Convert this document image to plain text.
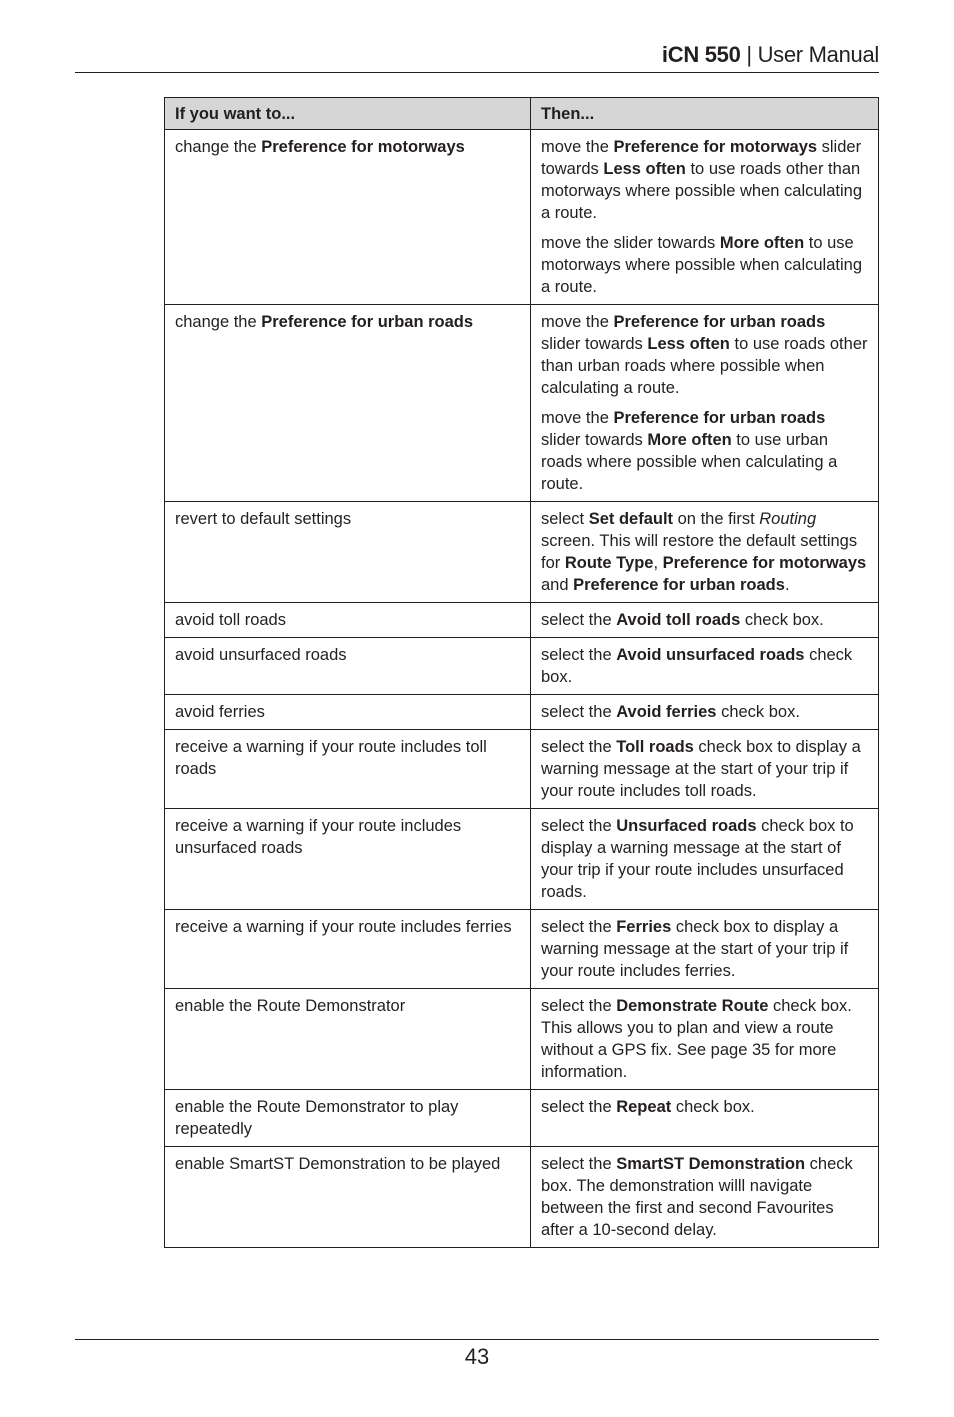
iCN 550 | User Manual
If you want to...	Then...

change the Preference for motorways	move the Preference for motorways slider towards Less often to use roads other than motorways where possible when calculating a route.

move the slider towards More often to use motorways where possible when calculating a route.

change the Preference for urban roads	move the Preference for urban roads slider towards Less often to use roads other than urban roads where possible when calculating a route.

move the Preference for urban roads slider towards More often to use urban roads where possible when calculating a route.

revert to default settings	select Set default on the first Routing screen. This will restore the default settings for Route Type, Preference for motorways and Preference for urban roads.

avoid toll roads	select the Avoid toll roads check box.

avoid unsurfaced roads	select the Avoid unsurfaced roads check box.

avoid ferries	select the Avoid ferries check box.

receive a warning if your route includes toll roads	select the Toll roads check box to display a warning message at the start of your trip if your route includes toll roads.

receive a warning if your route includes unsurfaced roads	select the Unsurfaced roads check box to display a warning message at the start of your trip if your route includes unsurfaced roads.

receive a warning if your route includes ferries	select the Ferries check box to display a warning message at the start of your trip if your route includes ferries.

enable the Route Demonstrator	select the Demonstrate Route check box. This allows you to plan and view a route without a GPS fix. See page 35 for more information.

enable the Route Demonstrator to play repeatedly	select the Repeat check box.

enable SmartST Demonstration to be played	select the SmartST Demonstration check box. The demonstration willl navigate between the first and second Favourites after a 10-second delay.

43
